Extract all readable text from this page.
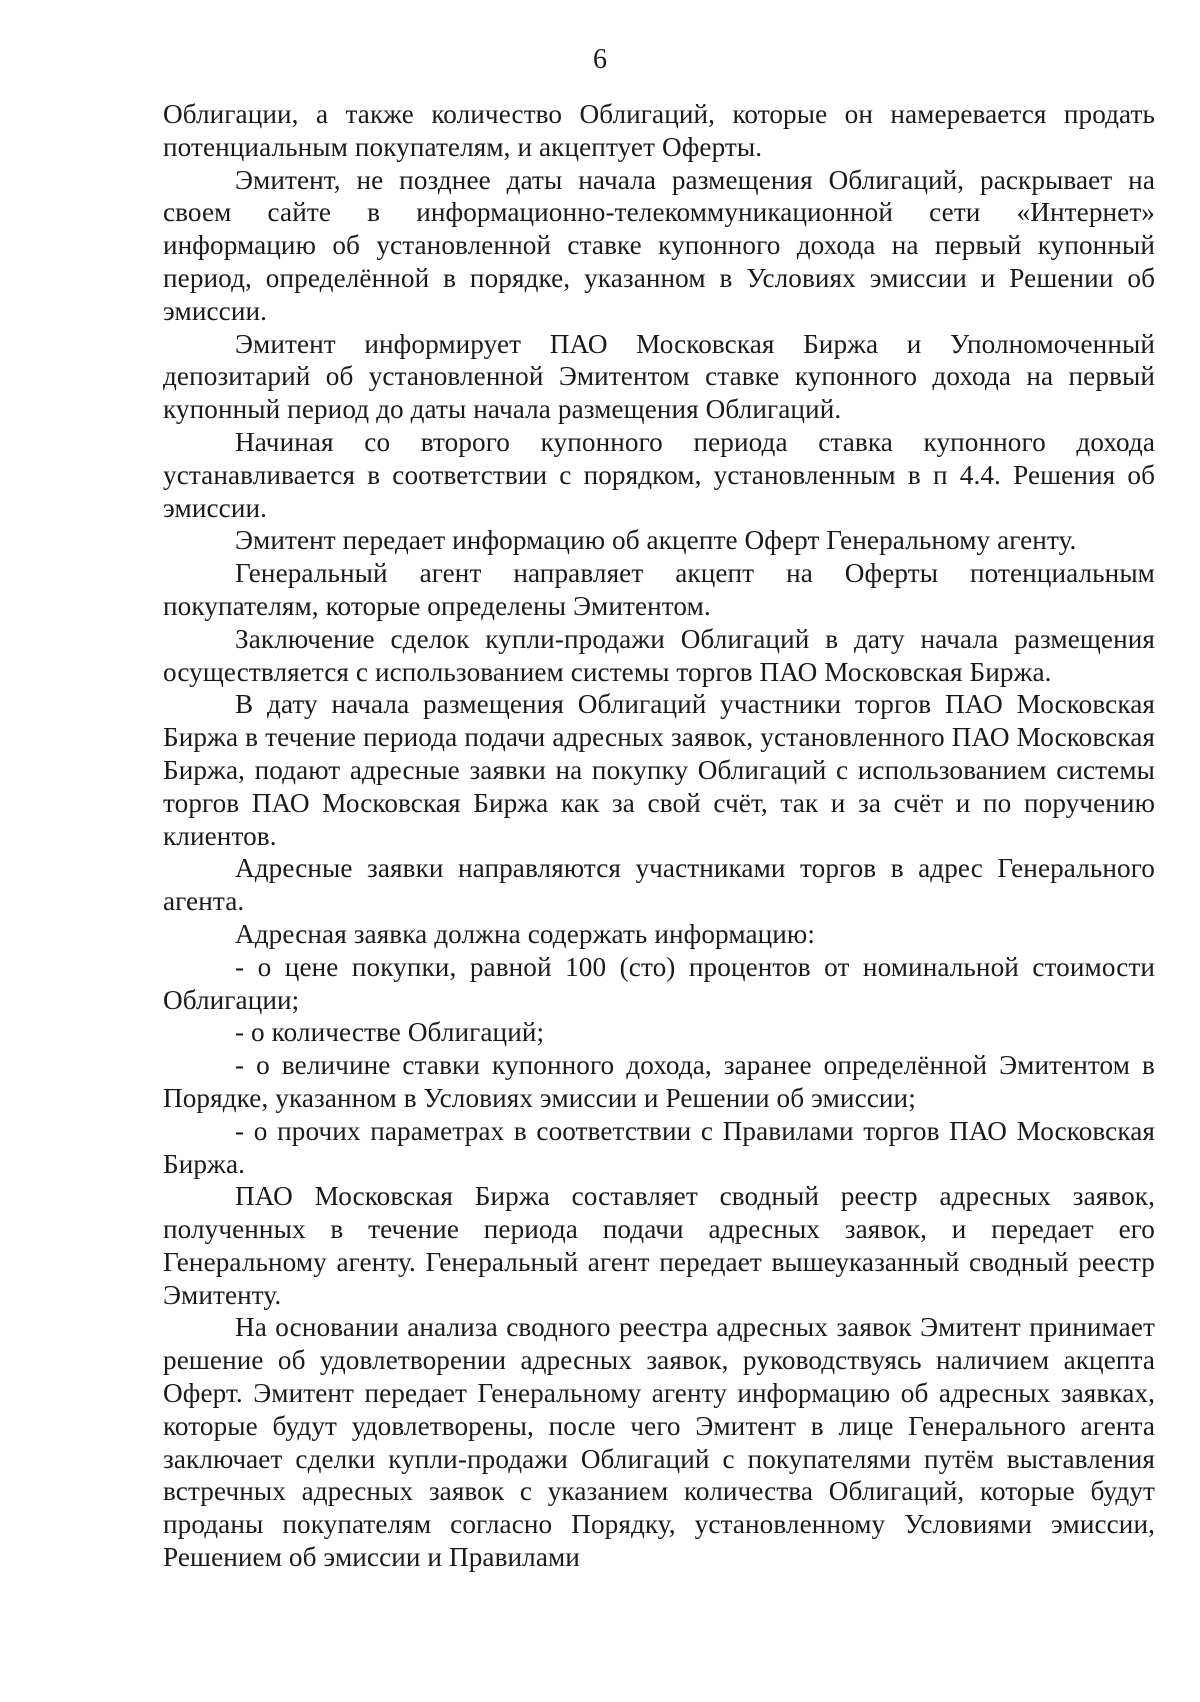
6

Облигации, а также количество Облигаций, которые он намеревается продать потенциальным покупателям, и акцептует Оферты.

Эмитент, не позднее даты начала размещения Облигаций, раскрывает на своем сайте в информационно-телекоммуникационной сети «Интернет» информацию об установленной ставке купонного дохода на первый купонный период, определённой в порядке, указанном в Условиях эмиссии и Решении об эмиссии.

Эмитент информирует ПАО Московская Биржа и Уполномоченный депозитарий об установленной Эмитентом ставке купонного дохода на первый купонный период до даты начала размещения Облигаций.

Начиная со второго купонного периода ставка купонного дохода устанавливается в соответствии с порядком, установленным в п 4.4. Решения об эмиссии.

Эмитент передает информацию об акцепте Оферт Генеральному агенту.

Генеральный агент направляет акцепт на Оферты потенциальным покупателям, которые определены Эмитентом.

Заключение сделок купли-продажи Облигаций в дату начала размещения осуществляется с использованием системы торгов ПАО Московская Биржа.

В дату начала размещения Облигаций участники торгов ПАО Московская Биржа в течение периода подачи адресных заявок, установленного ПАО Московская Биржа, подают адресные заявки на покупку Облигаций с использованием системы торгов ПАО Московская Биржа как за свой счёт, так и за счёт и по поручению клиентов.

Адресные заявки направляются участниками торгов в адрес Генерального агента.

Адресная заявка должна содержать информацию:

- о цене покупки, равной 100 (сто) процентов от номинальной стоимости Облигации;

- о количестве Облигаций;

- о величине ставки купонного дохода, заранее определённой Эмитентом в Порядке, указанном в Условиях эмиссии и Решении об эмиссии;

- о прочих параметрах в соответствии с Правилами торгов ПАО Московская Биржа.

ПАО Московская Биржа составляет сводный реестр адресных заявок, полученных в течение периода подачи адресных заявок, и передает его Генеральному агенту. Генеральный агент передает вышеуказанный сводный реестр Эмитенту.

На основании анализа сводного реестра адресных заявок Эмитент принимает решение об удовлетворении адресных заявок, руководствуясь наличием акцепта Оферт. Эмитент передает Генеральному агенту информацию об адресных заявках, которые будут удовлетворены, после чего Эмитент в лице Генерального агента заключает сделки купли-продажи Облигаций с покупателями путём выставления встречных адресных заявок с указанием количества Облигаций, которые будут проданы покупателям согласно Порядку, установленному Условиями эмиссии, Решением об эмиссии и Правилами
